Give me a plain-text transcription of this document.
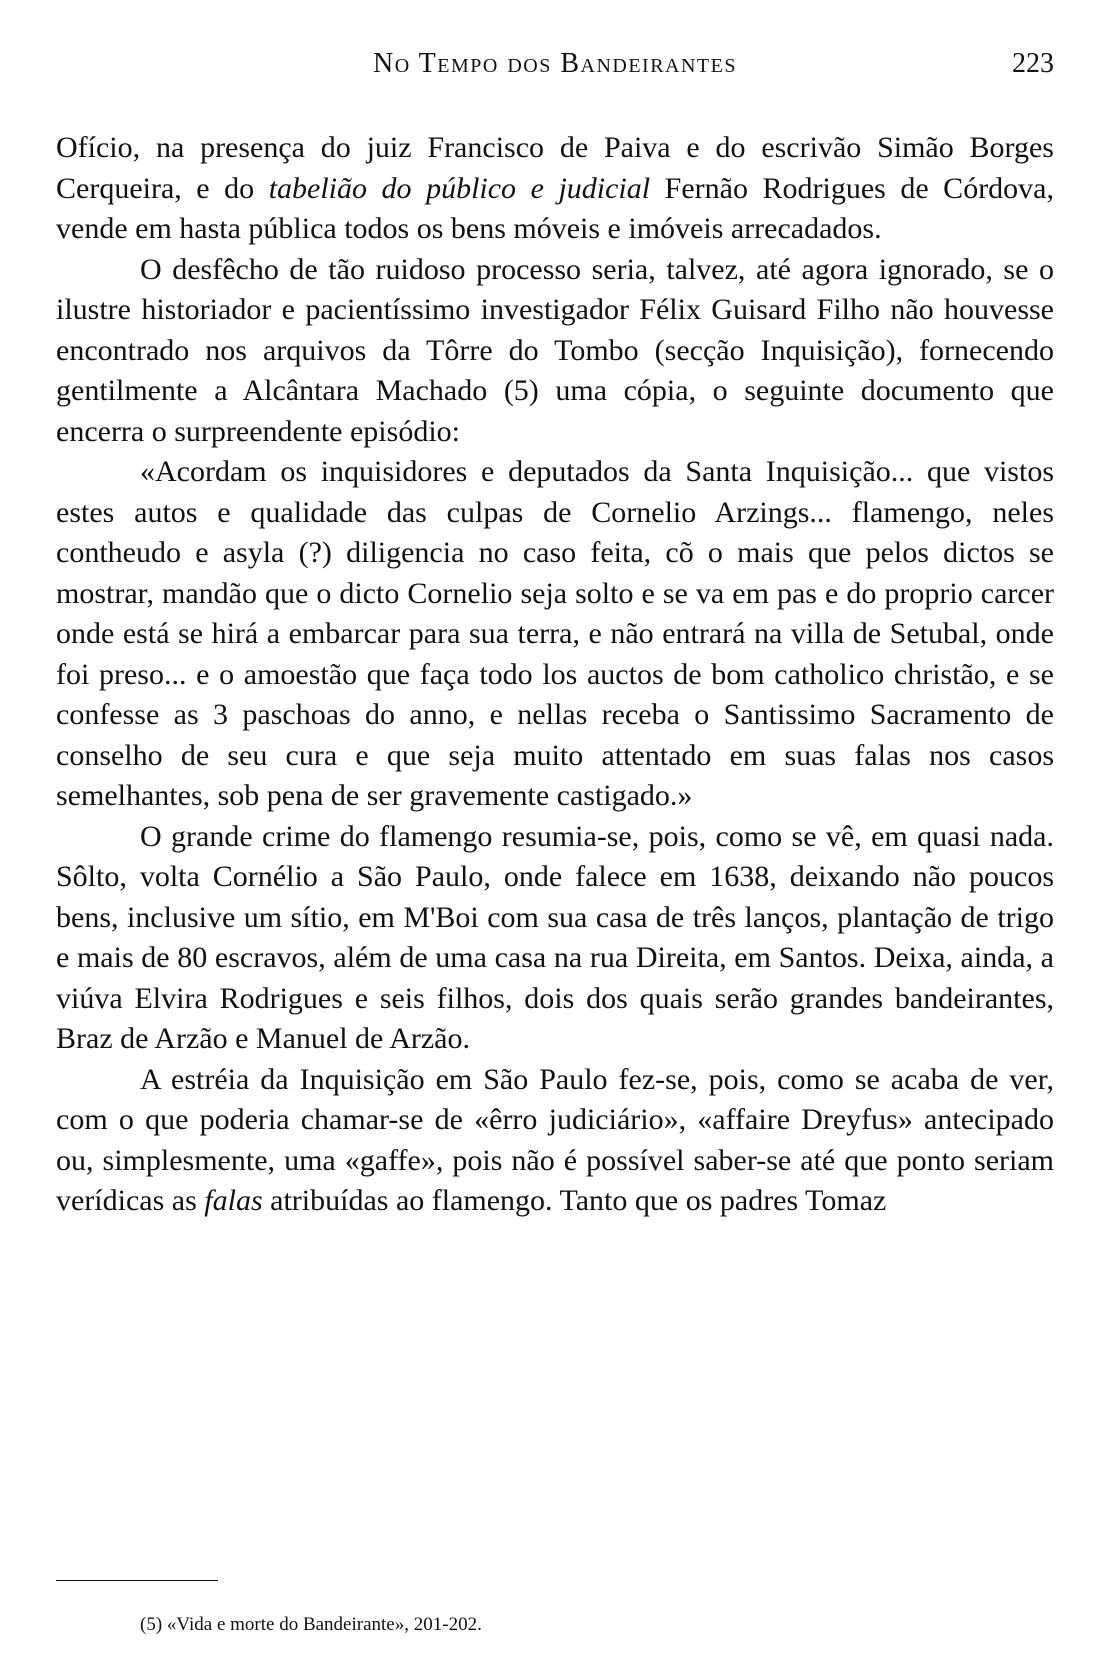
No Tempo dos Bandeirantes	223

Ofício, na presença do juiz Francisco de Paiva e do escrivão Simão Borges Cerqueira, e do tabelião do público e judicial Fernão Rodrigues de Córdova, vende em hasta pública todos os bens móveis e imóveis arrecadados.

O desfêcho de tão ruidoso processo seria, talvez, até agora ignorado, se o ilustre historiador e pacientíssimo investigador Félix Guisard Filho não houvesse encontrado nos arquivos da Tôrre do Tombo (secção Inquisição), fornecendo gentilmente a Alcântara Machado (5) uma cópia, o seguinte documento que encerra o surpreendente episódio:

«Acordam os inquisidores e deputados da Santa Inquisição... que vistos estes autos e qualidade das culpas de Cornelio Arzings... flamengo, neles contheudo e asyla (?) diligencia no caso feita, cõ o mais que pelos dictos se mostrar, mandão que o dicto Cornelio seja solto e se va em pas e do proprio carcer onde está se hirá a embarcar para sua terra, e não entrará na villa de Setubal, onde foi preso... e o amoestão que faça todo los auctos de bom catholico christão, e se confesse as 3 paschoas do anno, e nellas receba o Santissimo Sacramento de conselho de seu cura e que seja muito attentado em suas falas nos casos semelhantes, sob pena de ser gravemente castigado.»

O grande crime do flamengo resumia-se, pois, como se vê, em quasi nada. Sôlto, volta Cornélio a São Paulo, onde falece em 1638, deixando não poucos bens, inclusive um sítio, em M'Boi com sua casa de três lanços, plantação de trigo e mais de 80 escravos, além de uma casa na rua Direita, em Santos. Deixa, ainda, a viúva Elvira Rodrigues e seis filhos, dois dos quais serão grandes bandeirantes, Braz de Arzão e Manuel de Arzão.

A estréia da Inquisição em São Paulo fez-se, pois, como se acaba de ver, com o que poderia chamar-se de «êrro judiciário», «affaire Dreyfus» antecipado ou, simplesmente, uma «gaffe», pois não é possível saber-se até que ponto seriam verídicas as falas atribuídas ao flamengo. Tanto que os padres Tomaz

(5) «Vida e morte do Bandeirante», 201-202.
